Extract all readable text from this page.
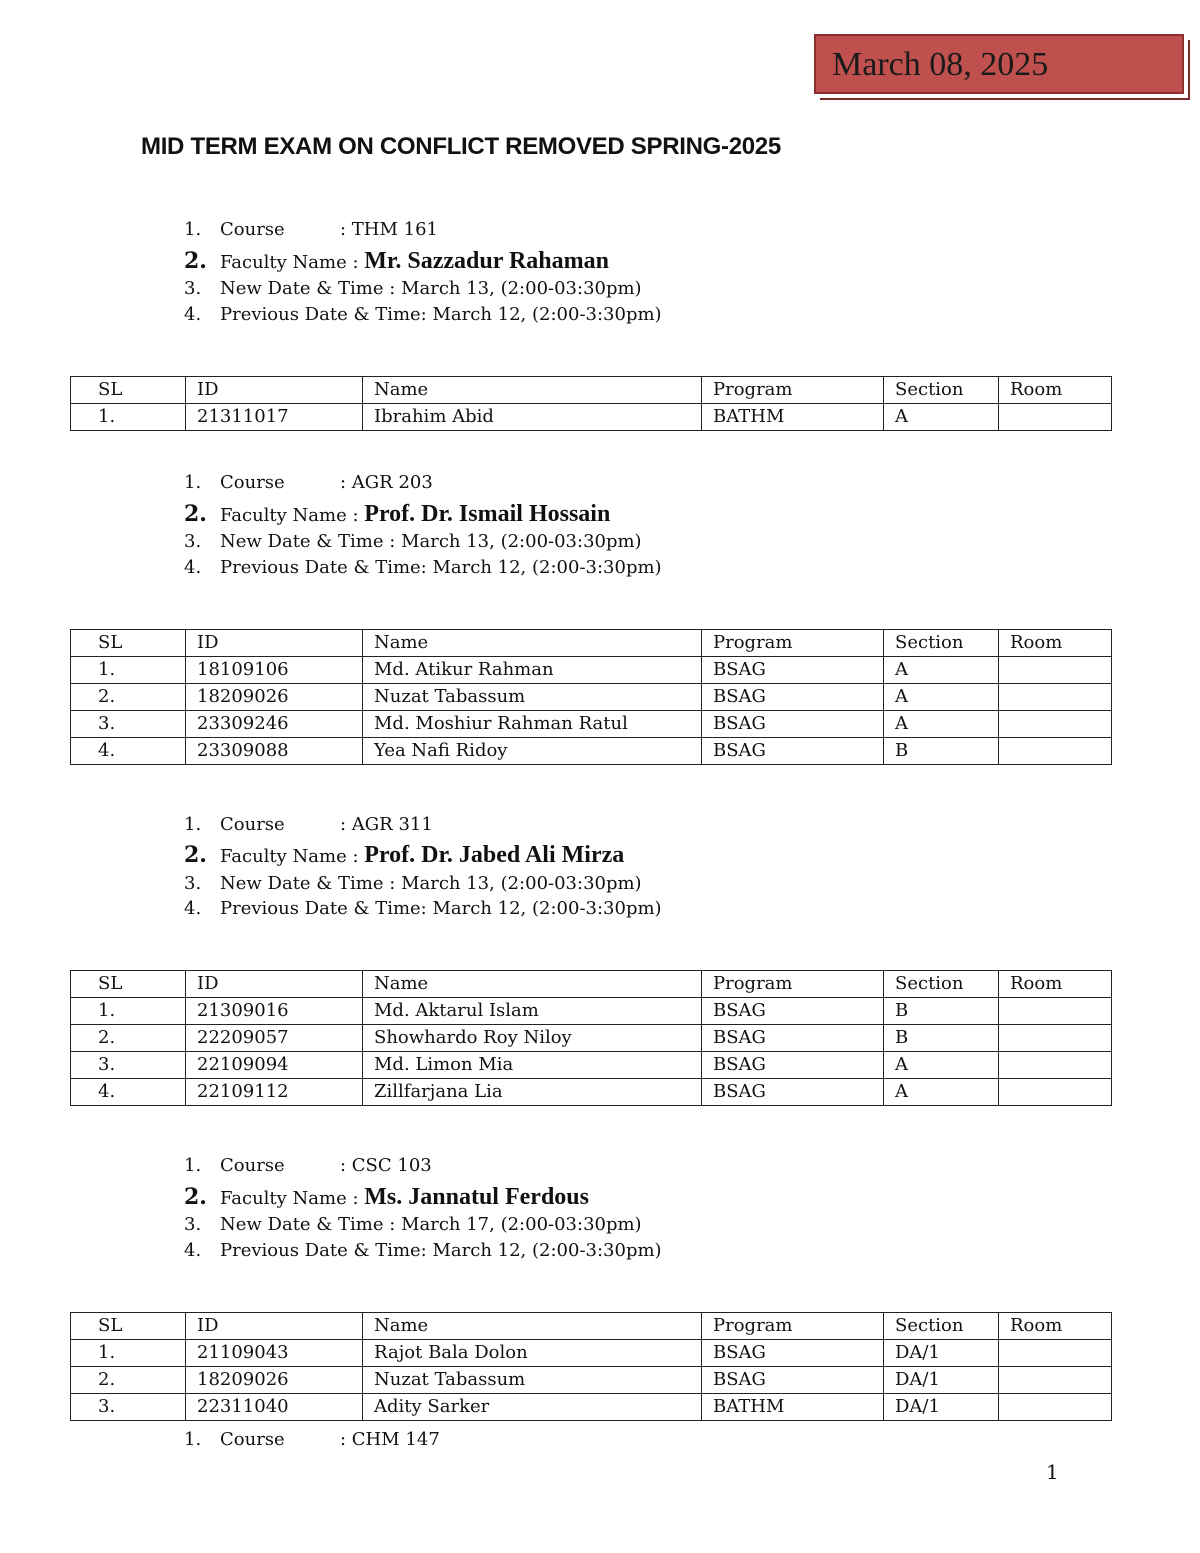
March 08, 2025
MID TERM EXAM ON CONFLICT REMOVED SPRING-2025
1. Course	: THM 161
2. Faculty Name : Mr. Sazzadur Rahaman
3. New Date & Time : March 13, (2:00-03:30pm)
4. Previous Date & Time: March 12, (2:00-3:30pm)
SL	ID	Name	Program	Section	Room
1.	21311017	Ibrahim Abid	BATHM	A	
1. Course	: AGR 203
2. Faculty Name : Prof. Dr. Ismail Hossain
3. New Date & Time : March 13, (2:00-03:30pm)
4. Previous Date & Time: March 12, (2:00-3:30pm)
SL	ID	Name	Program	Section	Room
1.	18109106	Md. Atikur Rahman	BSAG	A	
2.	18209026	Nuzat Tabassum	BSAG	A	
3.	23309246	Md. Moshiur Rahman Ratul	BSAG	A	
4.	23309088	Yea Nafi Ridoy	BSAG	B	
1. Course	: AGR 311
2. Faculty Name : Prof. Dr. Jabed Ali Mirza
3. New Date & Time : March 13, (2:00-03:30pm)
4. Previous Date & Time: March 12, (2:00-3:30pm)
SL	ID	Name	Program	Section	Room
1.	21309016	Md. Aktarul Islam	BSAG	B	
2.	22209057	Showhardo Roy Niloy	BSAG	B	
3.	22109094	Md. Limon Mia	BSAG	A	
4.	22109112	Zillfarjana Lia	BSAG	A	
1. Course	: CSC 103
2. Faculty Name : Ms. Jannatul Ferdous
3. New Date & Time : March 17, (2:00-03:30pm)
4. Previous Date & Time: March 12, (2:00-3:30pm)
SL	ID	Name	Program	Section	Room
1.	21109043	Rajot Bala Dolon	BSAG	DA/1	
2.	18209026	Nuzat Tabassum	BSAG	DA/1	
3.	22311040	Adity Sarker	BATHM	DA/1	
1. Course	: CHM 147
1
